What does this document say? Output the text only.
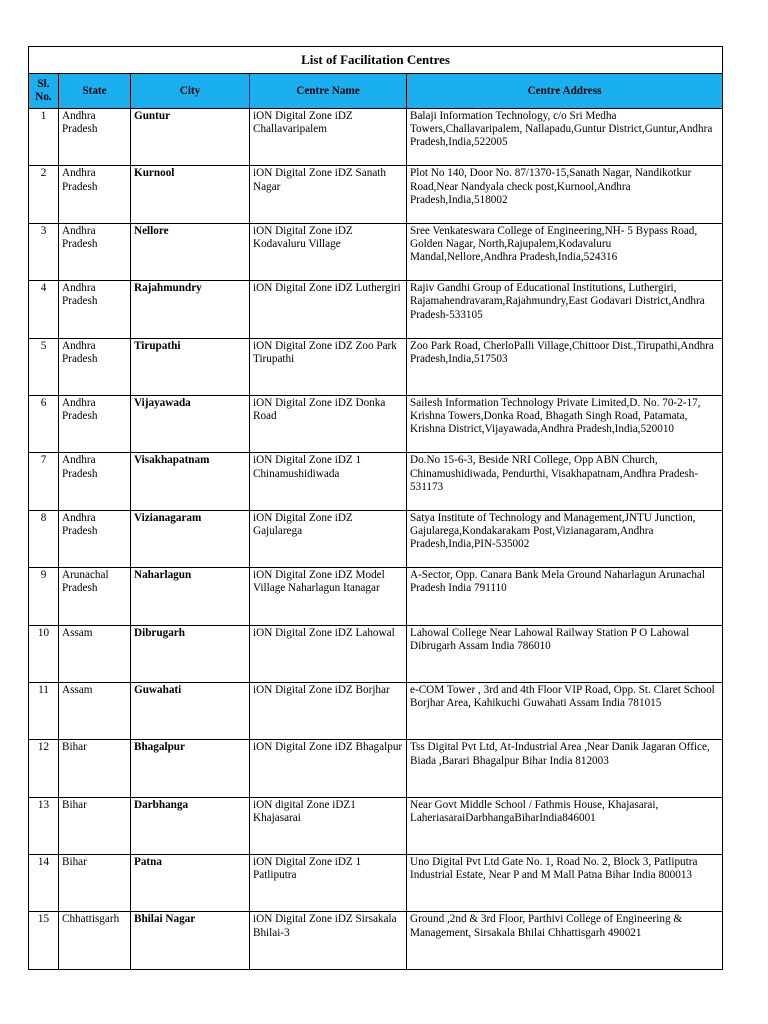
List of Facilitation Centres				
Sl. No.	State	City	Centre Name	Centre Address
1	Andhra Pradesh	Guntur	iON Digital Zone iDZ Challavaripalem	Balaji Information Technology, c/o Sri Medha Towers,Challavaripalem, Nallapadu,Guntur District,Guntur,Andhra Pradesh,India,522005
2	Andhra Pradesh	Kurnool	iON Digital Zone iDZ Sanath Nagar	Plot No 140, Door No. 87/1370-15,Sanath Nagar, Nandikotkur Road,Near Nandyala check post,Kurnool,Andhra Pradesh,India,518002
3	Andhra Pradesh	Nellore	iON Digital Zone iDZ Kodavaluru Village	Sree Venkateswara College of Engineering,NH- 5 Bypass Road, Golden Nagar, North,Rajupalem,Kodavaluru Mandal,Nellore,Andhra Pradesh,India,524316
4	Andhra Pradesh	Rajahmundry	iON Digital Zone iDZ Luthergiri	Rajiv Gandhi Group of Educational Institutions, Luthergiri, Rajamahendravaram,Rajahmundry,East Godavari District,Andhra Pradesh-533105
5	Andhra Pradesh	Tirupathi	iON Digital Zone iDZ Zoo Park Tirupathi	Zoo Park Road, CherloPalli Village,Chittoor Dist.,Tirupathi,Andhra Pradesh,India,517503
6	Andhra Pradesh	Vijayawada	iON Digital Zone iDZ Donka Road	Sailesh Information Technology Private Limited,D. No. 70-2-17, Krishna Towers,Donka Road, Bhagath Singh Road, Patamata, Krishna District,Vijayawada,Andhra Pradesh,India,520010
7	Andhra Pradesh	Visakhapatnam	iON Digital Zone iDZ 1 Chinamushidiwada	Do.No 15-6-3, Beside NRI College, Opp ABN Church, Chinamushidiwada, Pendurthi, Visakhapatnam,Andhra Pradesh-531173
8	Andhra Pradesh	Vizianagaram	iON Digital Zone iDZ Gajularega	Satya Institute of Technology and Management,JNTU Junction, Gajularega,Kondakarakam Post,Vizianagaram,Andhra Pradesh,India,PIN-535002
9	Arunachal Pradesh	Naharlagun	iON Digital Zone iDZ Model Village Naharlagun Itanagar	A-Sector, Opp. Canara Bank Mela Ground Naharlagun Arunachal Pradesh India 791110
10	Assam	Dibrugarh	iON Digital Zone iDZ Lahowal	Lahowal College Near Lahowal Railway Station P O Lahowal Dibrugarh Assam India 786010
11	Assam	Guwahati	iON Digital Zone iDZ Borjhar	e-COM Tower , 3rd and 4th Floor VIP Road, Opp. St. Claret School Borjhar Area, Kahikuchi Guwahati Assam India 781015
12	Bihar	Bhagalpur	iON Digital Zone iDZ Bhagalpur	Tss Digital Pvt Ltd, At-Industrial Area ,Near Danik Jagaran Office, Biada ,Barari Bhagalpur Bihar India 812003
13	Bihar	Darbhanga	iON digital Zone iDZ1 Khajasarai	Near Govt Middle School / Fathmis House, Khajasarai, LaheriasaraiDarbhangaBiharIndia846001
14	Bihar	Patna	iON Digital Zone iDZ 1 Patliputra	Uno Digital Pvt Ltd Gate No. 1, Road No. 2, Block 3, Patliputra Industrial Estate, Near P and M Mall Patna Bihar India 800013
15	Chhattisgarh	Bhilai Nagar	iON Digital Zone iDZ Sirsakala Bhilai-3	Ground ,2nd & 3rd Floor, Parthivi College of Engineering & Management, Sirsakala Bhilai Chhattisgarh 490021
